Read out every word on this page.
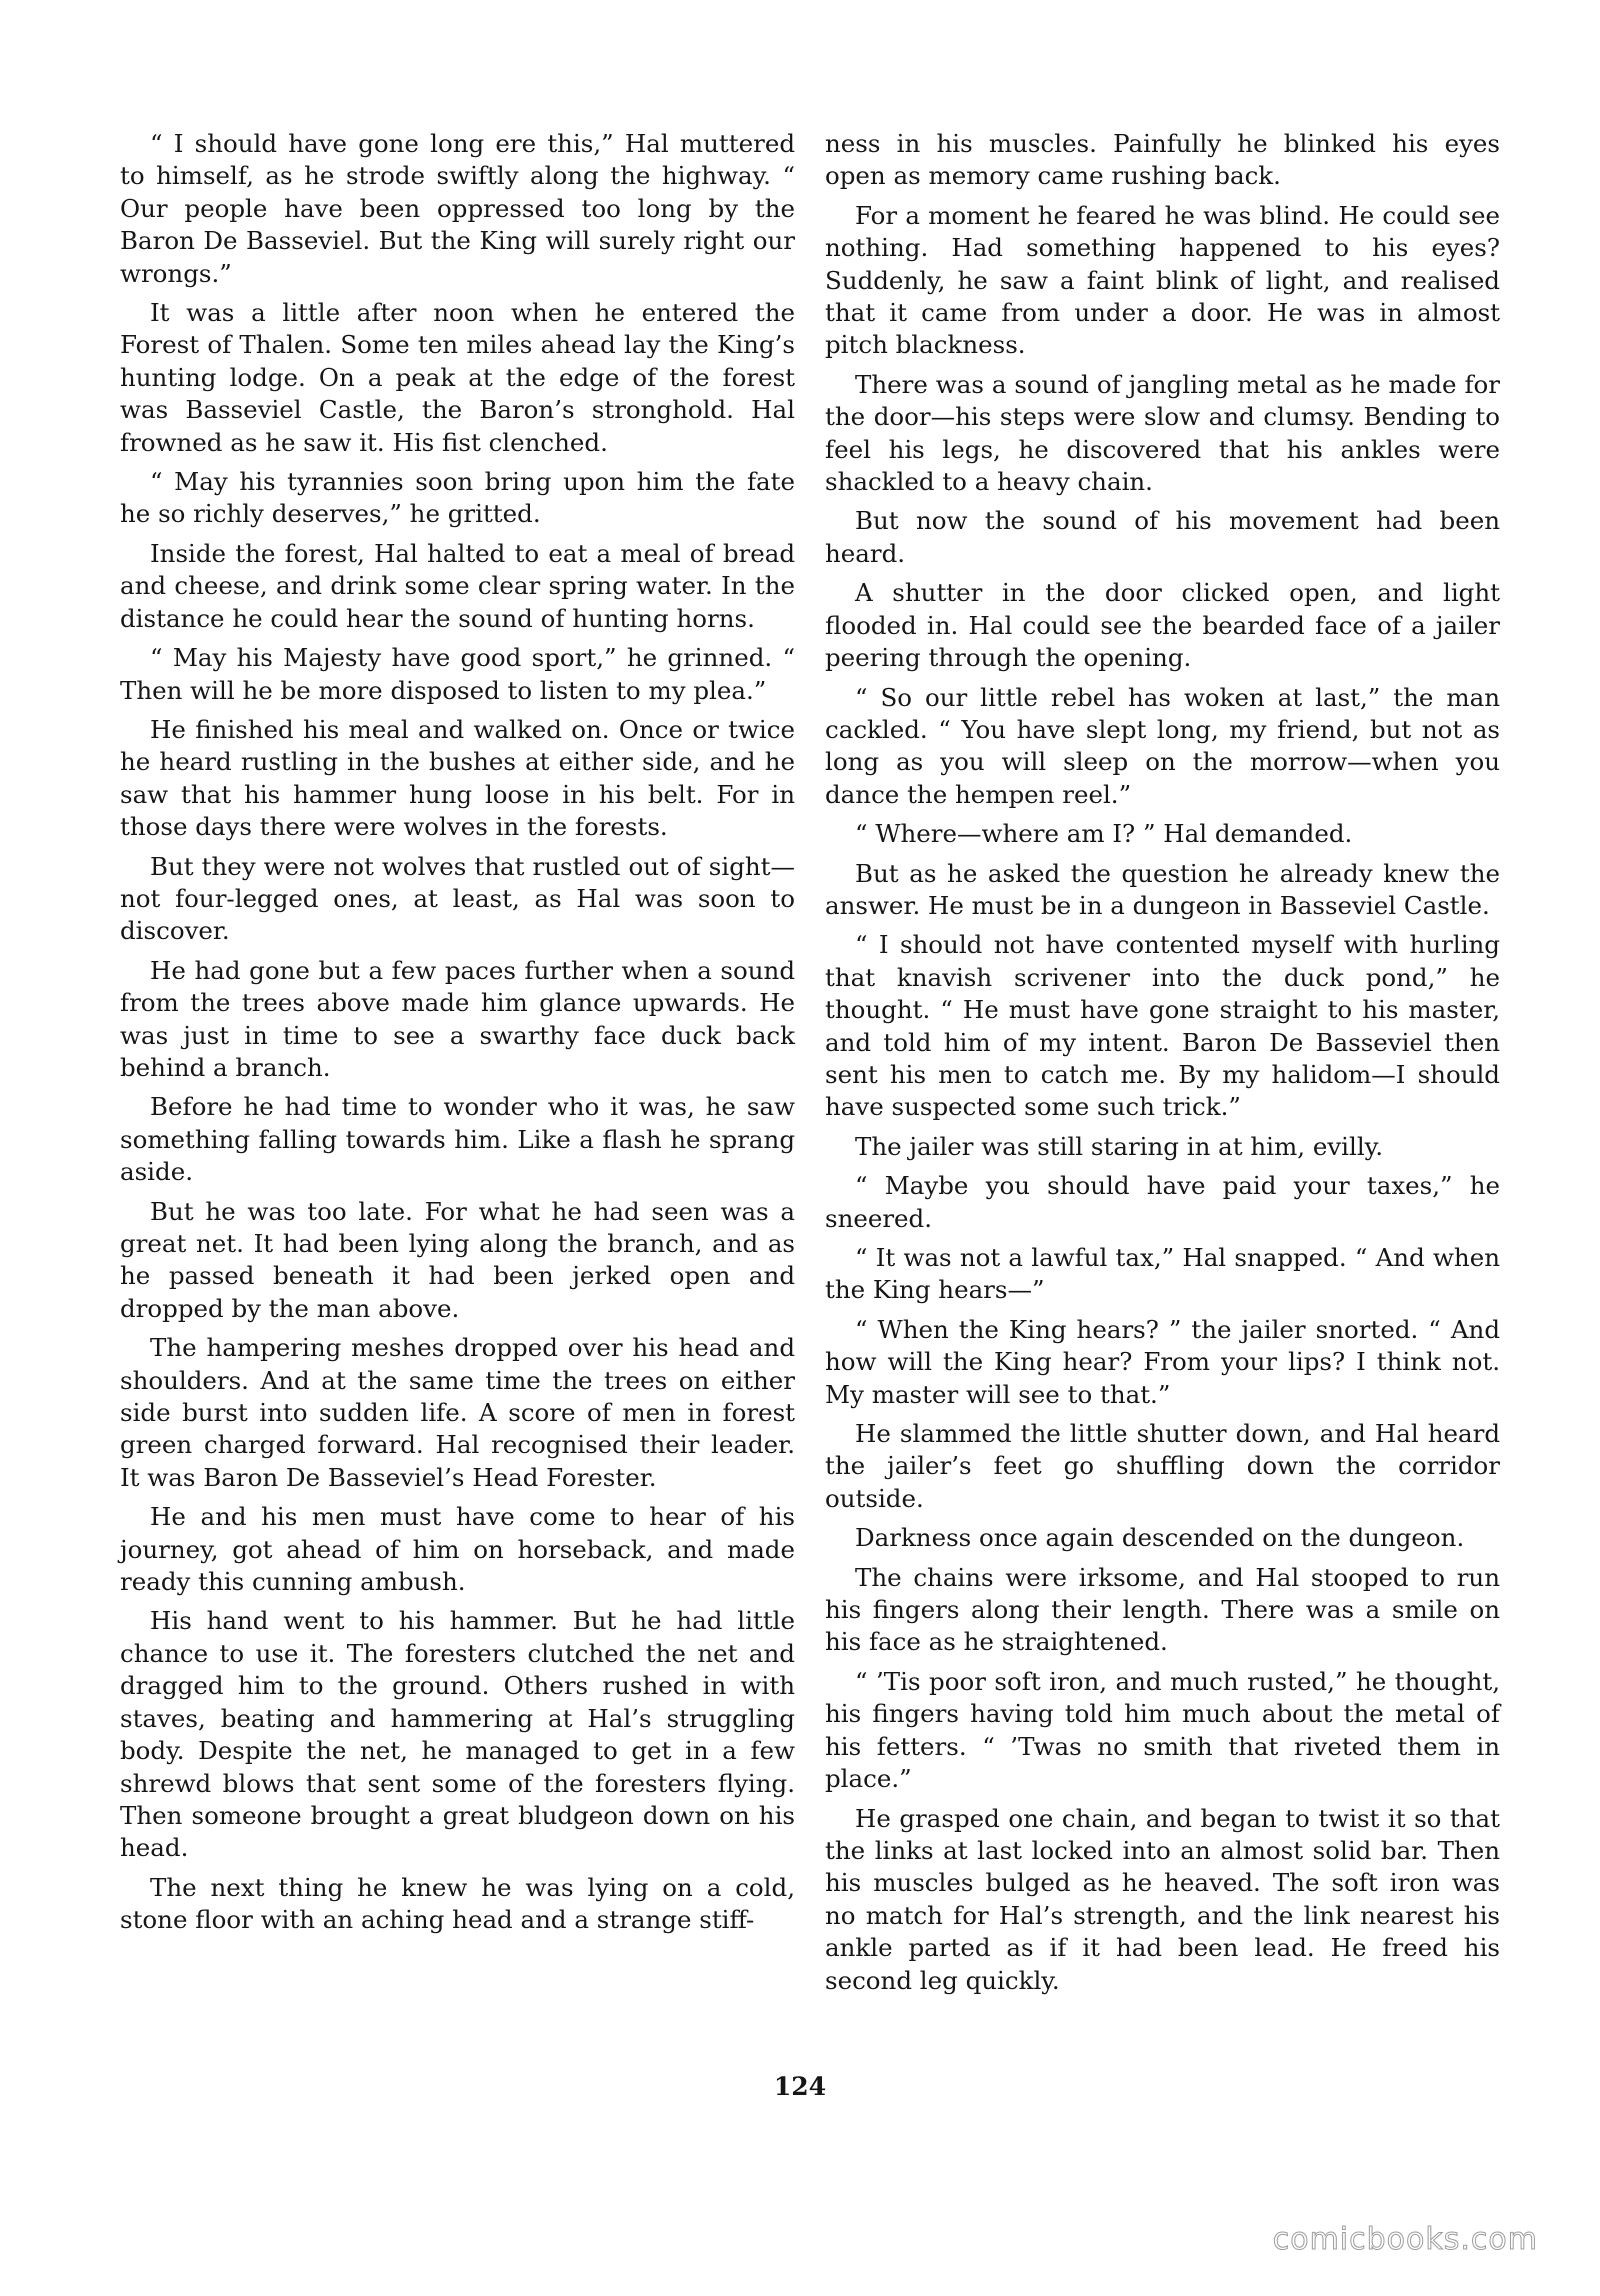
“ I should have gone long ere this,” Hal muttered to himself, as he strode swiftly along the highway. “ Our people have been oppressed too long by the Baron De Basseviel. But the King will surely right our wrongs.”

It was a little after noon when he entered the Forest of Thalen. Some ten miles ahead lay the King’s hunting lodge. On a peak at the edge of the forest was Basseviel Castle, the Baron’s stronghold. Hal frowned as he saw it. His fist clenched.

“ May his tyrannies soon bring upon him the fate he so richly deserves,” he gritted.

Inside the forest, Hal halted to eat a meal of bread and cheese, and drink some clear spring water. In the distance he could hear the sound of hunting horns.

“ May his Majesty have good sport,” he grinned. “ Then will he be more disposed to listen to my plea.”

He finished his meal and walked on. Once or twice he heard rustling in the bushes at either side, and he saw that his hammer hung loose in his belt. For in those days there were wolves in the forests.

But they were not wolves that rustled out of sight—not four-legged ones, at least, as Hal was soon to discover.

He had gone but a few paces further when a sound from the trees above made him glance upwards. He was just in time to see a swarthy face duck back behind a branch.

Before he had time to wonder who it was, he saw something falling towards him. Like a flash he sprang aside.

But he was too late. For what he had seen was a great net. It had been lying along the branch, and as he passed beneath it had been jerked open and dropped by the man above.

The hampering meshes dropped over his head and shoulders. And at the same time the trees on either side burst into sudden life. A score of men in forest green charged forward. Hal recognised their leader. It was Baron De Basseviel’s Head Forester.

He and his men must have come to hear of his journey, got ahead of him on horseback, and made ready this cunning ambush.

His hand went to his hammer. But he had little chance to use it. The foresters clutched the net and dragged him to the ground. Others rushed in with staves, beating and hammering at Hal’s struggling body. Despite the net, he managed to get in a few shrewd blows that sent some of the foresters flying. Then someone brought a great bludgeon down on his head.

The next thing he knew he was lying on a cold, stone floor with an aching head and a strange stiff-

ness in his muscles. Painfully he blinked his eyes open as memory came rushing back.

For a moment he feared he was blind. He could see nothing. Had something happened to his eyes? Suddenly, he saw a faint blink of light, and realised that it came from under a door. He was in almost pitch blackness.

There was a sound of jangling metal as he made for the door—his steps were slow and clumsy. Bending to feel his legs, he discovered that his ankles were shackled to a heavy chain.

But now the sound of his movement had been heard.

A shutter in the door clicked open, and light flooded in. Hal could see the bearded face of a jailer peering through the opening.

“ So our little rebel has woken at last,” the man cackled. “ You have slept long, my friend, but not as long as you will sleep on the morrow—when you dance the hempen reel.”

“ Where—where am I? ” Hal demanded.

But as he asked the question he already knew the answer. He must be in a dungeon in Basseviel Castle.

“ I should not have contented myself with hurling that knavish scrivener into the duck pond,” he thought. “ He must have gone straight to his master, and told him of my intent. Baron De Basseviel then sent his men to catch me. By my halidom—I should have suspected some such trick.”

The jailer was still staring in at him, evilly.

“ Maybe you should have paid your taxes,” he sneered.

“ It was not a lawful tax,” Hal snapped. “ And when the King hears—”

“ When the King hears? ” the jailer snorted. “ And how will the King hear? From your lips? I think not. My master will see to that.”

He slammed the little shutter down, and Hal heard the jailer’s feet go shuffling down the corridor outside.

Darkness once again descended on the dungeon.

The chains were irksome, and Hal stooped to run his fingers along their length. There was a smile on his face as he straightened.

“ ’Tis poor soft iron, and much rusted,” he thought, his fingers having told him much about the metal of his fetters. “ ’Twas no smith that riveted them in place.”

He grasped one chain, and began to twist it so that the links at last locked into an almost solid bar. Then his muscles bulged as he heaved. The soft iron was no match for Hal’s strength, and the link nearest his ankle parted as if it had been lead. He freed his second leg quickly.

124
comicbooks.com
